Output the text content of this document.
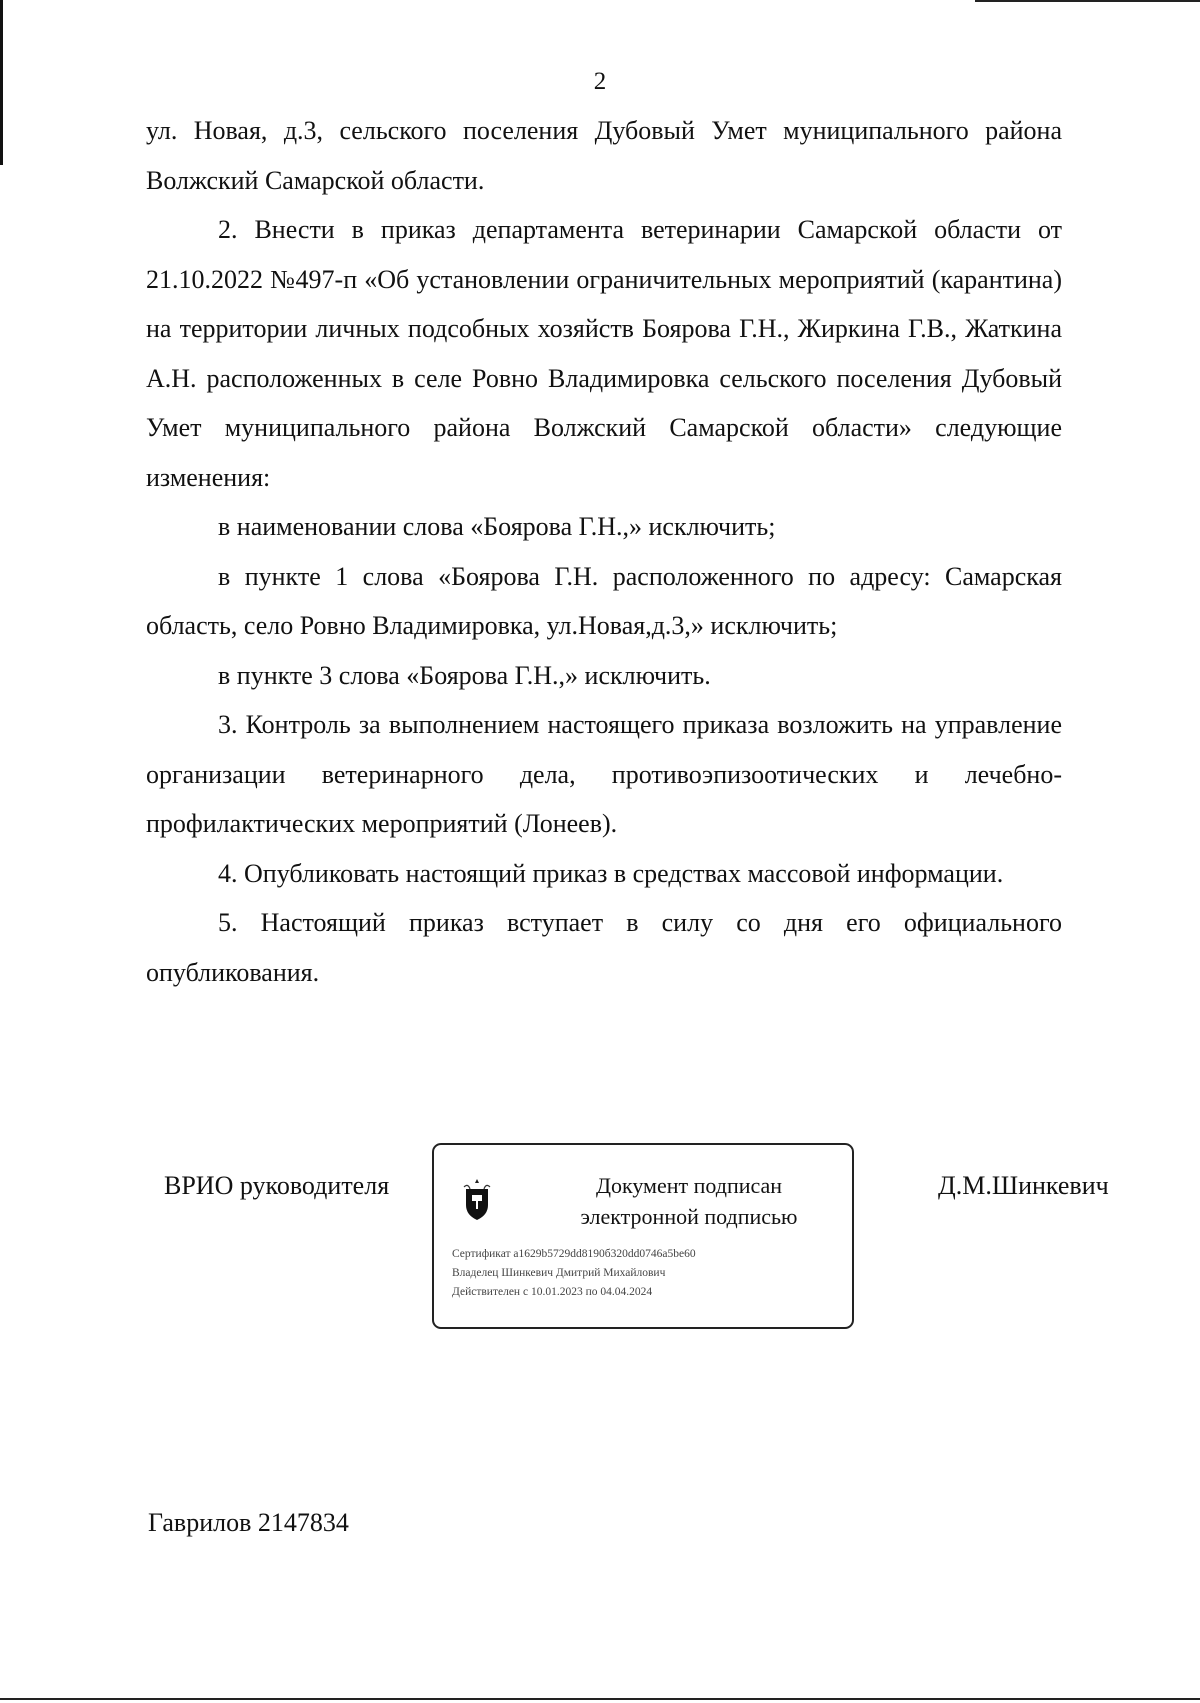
2

ул. Новая, д.3, сельского поселения Дубовый Умет муниципального района Волжский Самарской области.

2. Внести в приказ департамента ветеринарии Самарской области от 21.10.2022 №497-п «Об установлении ограничительных мероприятий (карантина) на территории личных подсобных хозяйств Боярова Г.Н., Жиркина Г.В., Жаткина А.Н. расположенных в селе Ровно Владимировка сельского поселения Дубовый Умет муниципального района Волжский Самарской области» следующие изменения:

в наименовании слова «Боярова Г.Н.,» исключить;

в пункте 1 слова «Боярова Г.Н. расположенного по адресу: Самарская область, село Ровно Владимировка, ул.Новая,д.3,» исключить;

в пункте 3 слова «Боярова Г.Н.,» исключить.

3. Контроль за выполнением настоящего приказа возложить на управление организации ветеринарного дела, противоэпизоотических и лечебно-профилактических мероприятий (Лонеев).

4. Опубликовать настоящий приказ в средствах массовой информации.

5. Настоящий приказ вступает в силу со дня его официального опубликования.

ВРИО руководителя	Документ подписан
электронной подписью
Сертификат a1629b5729dd8190б320dd0746a5be60
Владелец Шинкевич Дмитрий Михайлович
Действителен с 10.01.2023 по 04.04.2024
Д.М.Шинкевич
Гаврилов 2147834
